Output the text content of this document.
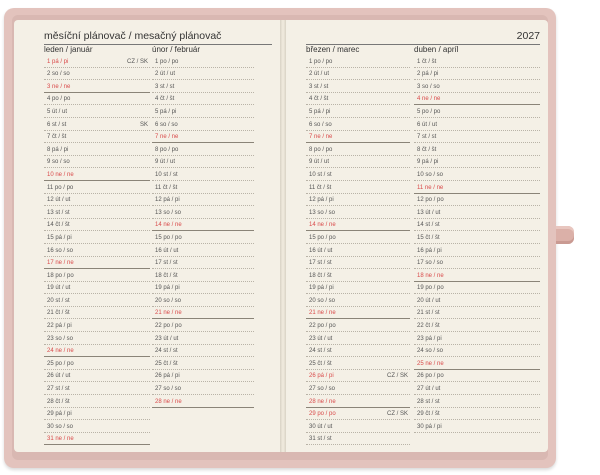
měsíční plánovač / mesačný plánovač	2027
leden / január
1 pá / pi	CZ / SK
2 so / so
3 ne / ne
4 po / po
5 út / ut
6 st / st	SK
7 čt / št
8 pá / pi
9 so / so
10 ne / ne
11 po / po
12 út / ut
13 st / st
14 čt / št
15 pá / pi
16 so / so
17 ne / ne
18 po / po
19 út / ut
20 st / st
21 čt / št
22 pá / pi
23 so / so
24 ne / ne
25 po / po
26 út / ut
27 st / st
28 čt / št
29 pá / pi
30 so / so
31 ne / ne
únor / február
1 po / po
2 út / ut
3 st / st
4 čt / št
5 pá / pi
6 so / so
7 ne / ne
8 po / po
9 út / ut
10 st / st
11 čt / št
12 pá / pi
13 so / so
14 ne / ne
15 po / po
16 út / ut
17 st / st
18 čt / št
19 pá / pi
20 so / so
21 ne / ne
22 po / po
23 út / ut
24 st / st
25 čt / št
26 pá / pi
27 so / so
28 ne / ne
březen / marec
1 po / po
2 út / ut
3 st / st
4 čt / št
5 pá / pi
6 so / so
7 ne / ne
8 po / po
9 út / ut
10 st / st
11 čt / št
12 pá / pi
13 so / so
14 ne / ne
15 po / po
16 út / ut
17 st / st
18 čt / št
19 pá / pi
20 so / so
21 ne / ne
22 po / po
23 út / ut
24 st / st
25 čt / št
26 pá / pi	CZ / SK
27 so / so
28 ne / ne
29 po / po	CZ / SK
30 út / ut
31 st / st
duben / apríl
1 čt / št
2 pá / pi
3 so / so
4 ne / ne
5 po / po
6 út / ut
7 st / st
8 čt / št
9 pá / pi
10 so / so
11 ne / ne
12 po / po
13 út / ut
14 st / st
15 čt / št
16 pá / pi
17 so / so
18 ne / ne
19 po / po
20 út / ut
21 st / st
22 čt / št
23 pá / pi
24 so / so
25 ne / ne
26 po / po
27 út / ut
28 st / st
29 čt / št
30 pá / pi
